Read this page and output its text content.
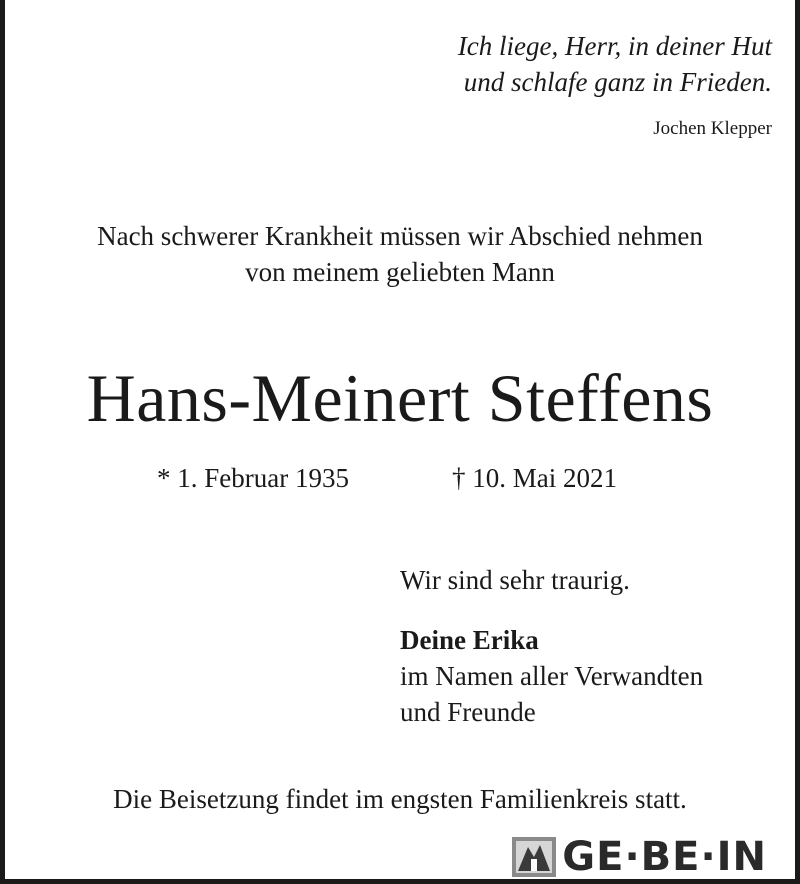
Ich liege, Herr, in deiner Hut
und schlafe ganz in Frieden.
Jochen Klepper
Nach schwerer Krankheit müssen wir Abschied nehmen
von meinem geliebten Mann
Hans-Meinert Steffens
* 1. Februar 1935	† 10. Mai 2021
Wir sind sehr traurig.
Deine Erika
im Namen aller Verwandten
und Freunde
Die Beisetzung findet im engsten Familienkreis statt.
GE·BE·IN
